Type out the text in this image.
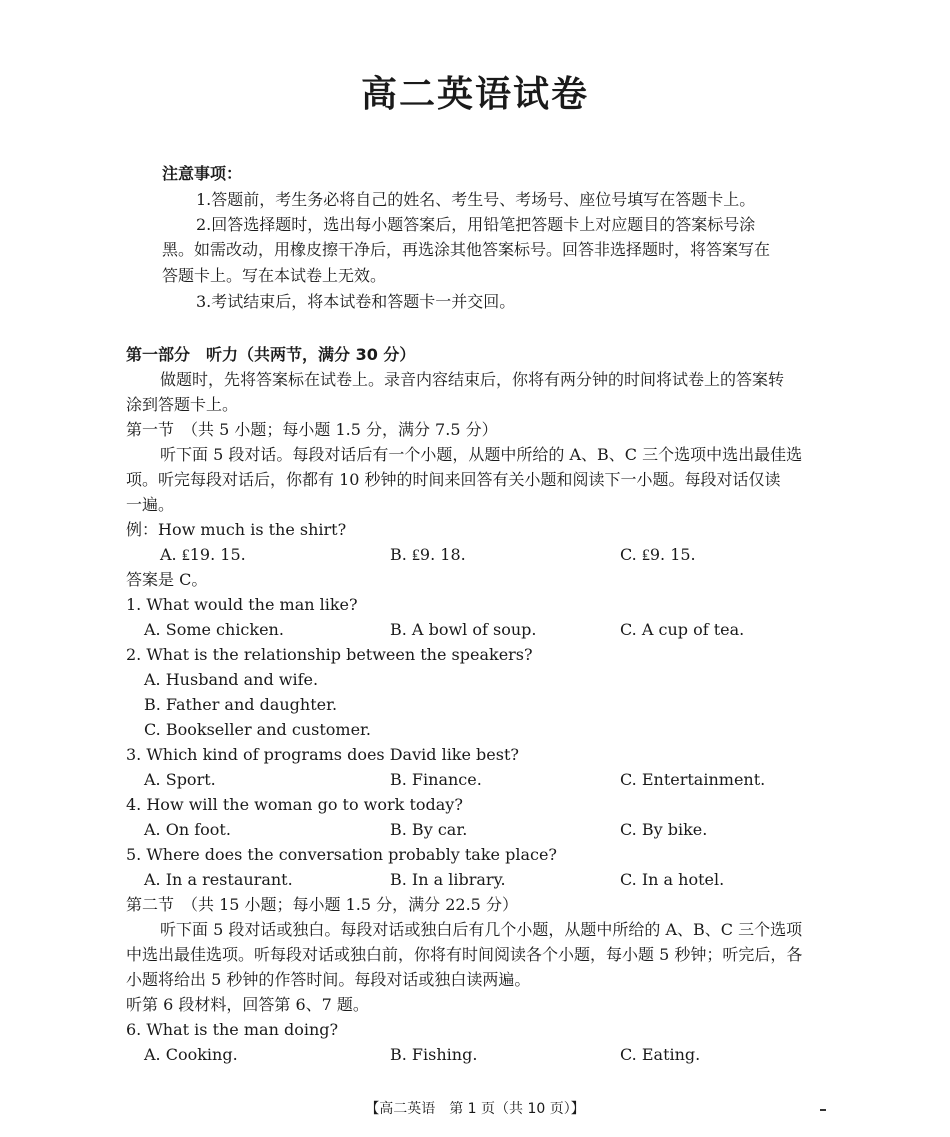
高二英语试卷
注意事项：
1.答题前，考生务必将自己的姓名、考生号、考场号、座位号填写在答题卡上。
2.回答选择题时，选出每小题答案后，用铅笔把答题卡上对应题目的答案标号涂
黑。如需改动，用橡皮擦干净后，再选涂其他答案标号。回答非选择题时，将答案写在
答题卡上。写在本试卷上无效。
3.考试结束后，将本试卷和答题卡一并交回。
第一部分　听力（共两节，满分 30 分）
做题时，先将答案标在试卷上。录音内容结束后，你将有两分钟的时间将试卷上的答案转
涂到答题卡上。
第一节　（共 5 小题；每小题 1.5 分，满分 7.5 分）
听下面 5 段对话。每段对话后有一个小题，从题中所给的 A、B、C 三个选项中选出最佳选
项。听完每段对话后，你都有 10 秒钟的时间来回答有关小题和阅读下一小题。每段对话仅读
一遍。
例：How much is the shirt?
A. ₤19. 15.	B. ₤9. 18.	C. ₤9. 15.
答案是 C。
1. What would the man like?
A. Some chicken.	B. A bowl of soup.	C. A cup of tea.
2. What is the relationship between the speakers?
A. Husband and wife.
B. Father and daughter.
C. Bookseller and customer.
3. Which kind of programs does David like best?
A. Sport.	B. Finance.	C. Entertainment.
4. How will the woman go to work today?
A. On foot.	B. By car.	C. By bike.
5. Where does the conversation probably take place?
A. In a restaurant.	B. In a library.	C. In a hotel.
第二节　（共 15 小题；每小题 1.5 分，满分 22.5 分）
听下面 5 段对话或独白。每段对话或独白后有几个小题，从题中所给的 A、B、C 三个选项
中选出最佳选项。听每段对话或独白前，你将有时间阅读各个小题，每小题 5 秒钟；听完后，各
小题将给出 5 秒钟的作答时间。每段对话或独白读两遍。
听第 6 段材料，回答第 6、7 题。
6. What is the man doing?
A. Cooking.	B. Fishing.	C. Eating.
【高二英语　第 1 页（共 10 页）】
